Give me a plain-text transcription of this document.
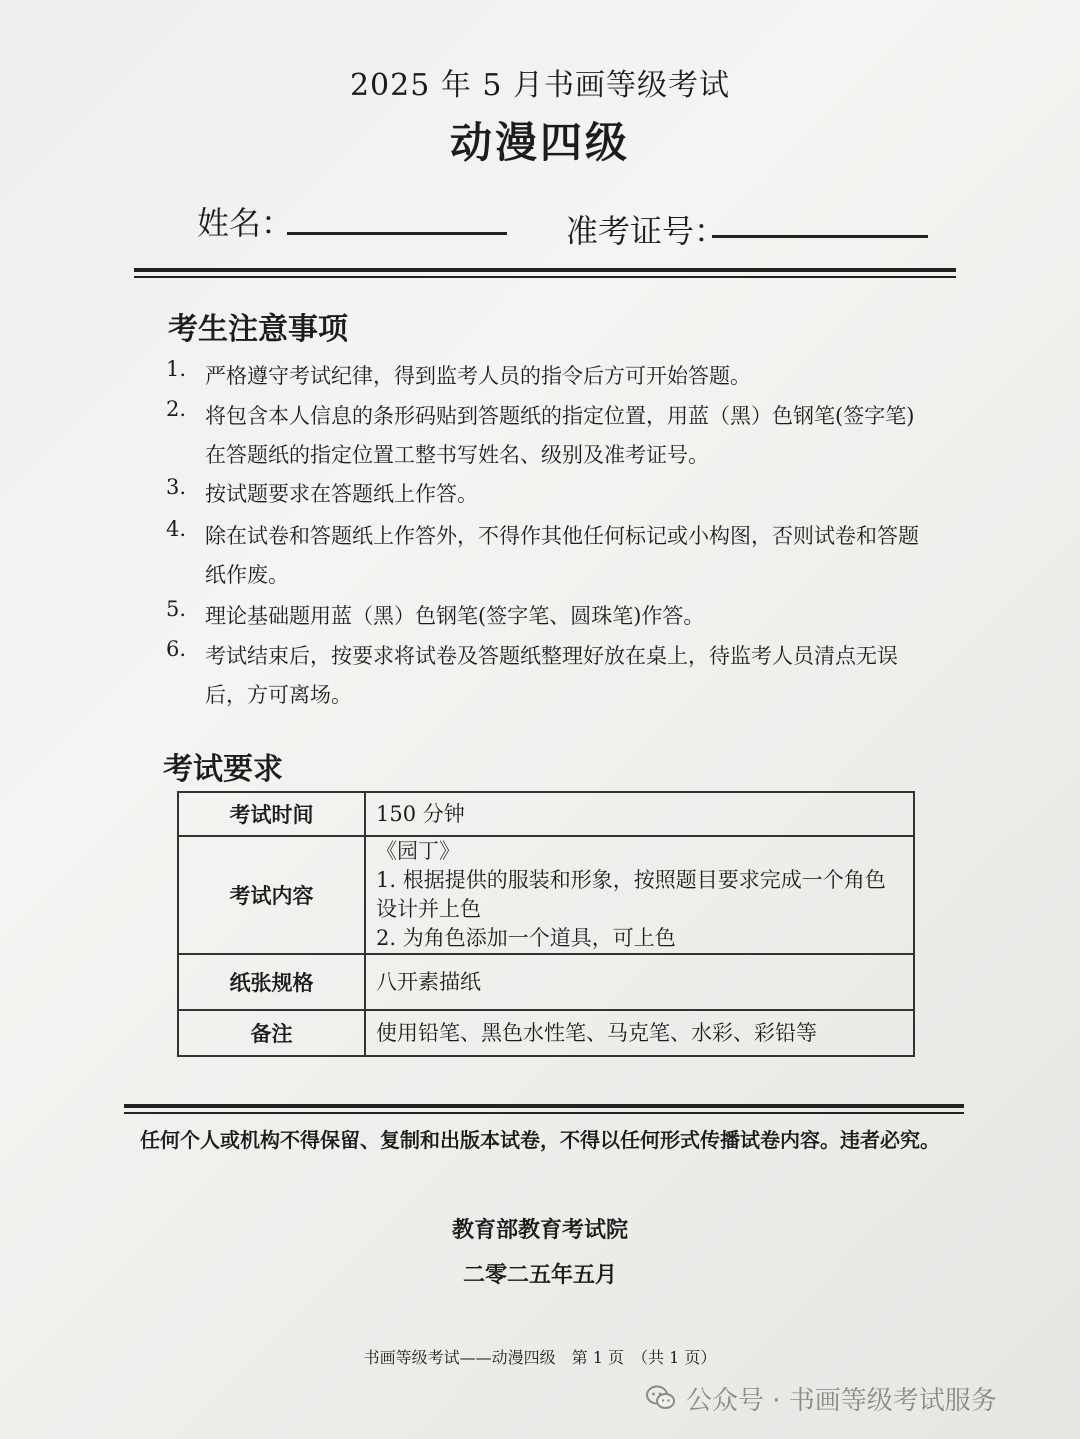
2025 年 5 月书画等级考试
动漫四级
姓名：	准考证号：
考生注意事项
1. 严格遵守考试纪律，得到监考人员的指令后方可开始答题。
2. 将包含本人信息的条形码贴到答题纸的指定位置，用蓝（黑）色钢笔(签字笔)在答题纸的指定位置工整书写姓名、级别及准考证号。
3. 按试题要求在答题纸上作答。
4. 除在试卷和答题纸上作答外，不得作其他任何标记或小构图，否则试卷和答题纸作废。
5. 理论基础题用蓝（黑）色钢笔(签字笔、圆珠笔)作答。
6. 考试结束后，按要求将试卷及答题纸整理好放在桌上，待监考人员清点无误后，方可离场。
考试要求
考试时间	150 分钟

考试内容	《园丁》
1. 根据提供的服装和形象，按照题目要求完成一个角色设计并上色
2. 为角色添加一个道具，可上色

纸张规格	八开素描纸

备注	使用铅笔、黑色水性笔、马克笔、水彩、彩铅等
任何个人或机构不得保留、复制和出版本试卷，不得以任何形式传播试卷内容。违者必究。
教育部教育考试院
二零二五年五月
书画等级考试——动漫四级　第 1 页　（共 1 页）
公众号 · 书画等级考试服务
